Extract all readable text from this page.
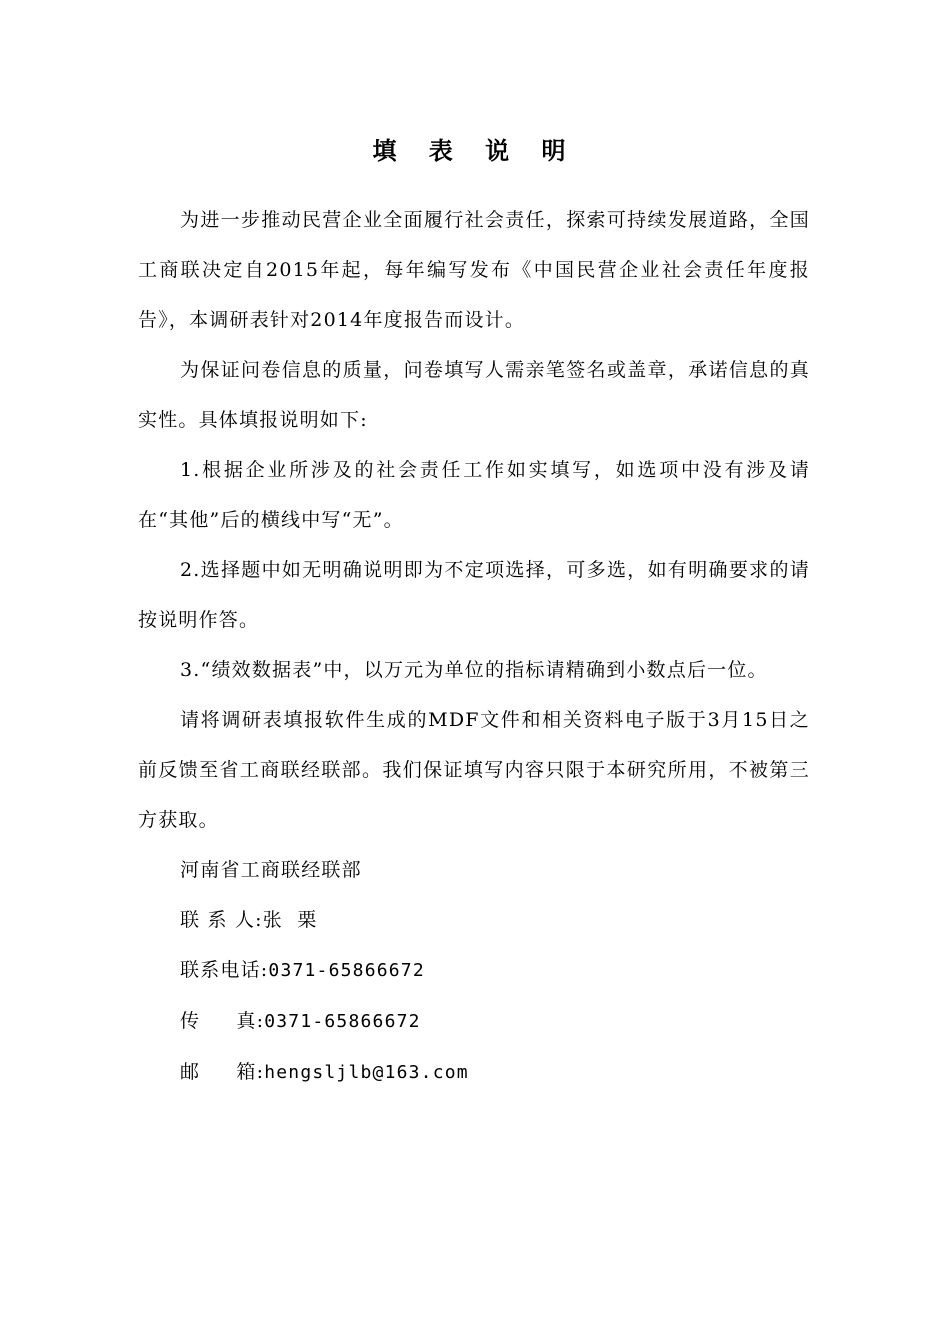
填 表 说 明

为进一步推动民营企业全面履行社会责任，探索可持续发展道路，全国工商联决定自2015年起，每年编写发布《中国民营企业社会责任年度报告》，本调研表针对2014年度报告而设计。

为保证问卷信息的质量，问卷填写人需亲笔签名或盖章，承诺信息的真实性。具体填报说明如下:

1.根据企业所涉及的社会责任工作如实填写，如选项中没有涉及请在“其他”后的横线中写“无”。

2.选择题中如无明确说明即为不定项选择，可多选，如有明确要求的请按说明作答。

3.“绩效数据表”中，以万元为单位的指标请精确到小数点后一位。

请将调研表填报软件生成的MDF文件和相关资料电子版于3月15日之前反馈至省工商联经联部。我们保证填写内容只限于本研究所用，不被第三方获取。

河南省工商联经联部

联 系 人:张  栗

联系电话:0371-65866672

传     真:0371-65866672

邮     箱:hengsljlb@163.com
